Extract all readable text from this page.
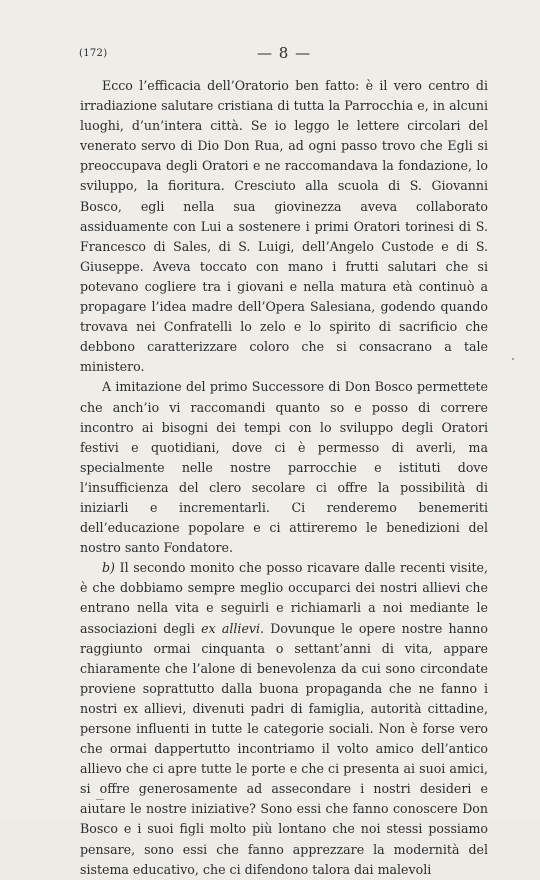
(172)	— 8 —

Ecco l’efficacia dell’Oratorio ben fatto: è il vero centro di irradiazione salutare cristiana di tutta la Parrocchia e, in alcuni luoghi, d’un’intera città. Se io leggo le lettere circolari del venerato servo di Dio Don Rua, ad ogni passo trovo che Egli si preoccupava degli Oratori e ne raccomandava la fondazione, lo sviluppo, la fioritura. Cresciuto alla scuola di S. Giovanni Bosco, egli nella sua giovinezza aveva collaborato assiduamente con Lui a sostenere i primi Oratori torinesi di S. Francesco di Sales, di S. Luigi, dell’Angelo Custode e di S. Giuseppe. Aveva toccato con mano i frutti salutari che si potevano cogliere tra i giovani e nella matura età continuò a propagare l’idea madre dell’Opera Salesiana, godendo quando trovava nei Confratelli lo zelo e lo spirito di sacrificio che debbono caratterizzare coloro che si consacrano a tale ministero.

A imitazione del primo Successore di Don Bosco permettete che anch’io vi raccomandi quanto so e posso di correre incontro ai bisogni dei tempi con lo sviluppo degli Oratori festivi e quotidiani, dove ci è permesso di averli, ma specialmente nelle nostre parrocchie e istituti dove l’insufficienza del clero secolare ci offre la possibilità di iniziarli e incrementarli. Ci renderemo benemeriti dell’educazione popolare e ci attireremo le benedizioni del nostro santo Fondatore.

b) Il secondo monito che posso ricavare dalle recenti visite, è che dobbiamo sempre meglio occuparci dei nostri allievi che entrano nella vita e seguirli e richiamarli a noi mediante le associazioni degli ex allievi. Dovunque le opere nostre hanno raggiunto ormai cinquanta o settant’anni di vita, appare chiaramente che l’alone di benevolenza da cui sono circondate proviene soprattutto dalla buona propaganda che ne fanno i nostri ex allievi, divenuti padri di famiglia, autorità cittadine, persone influenti in tutte le categorie sociali. Non è forse vero che ormai dappertutto incontriamo il volto amico dell’antico allievo che ci apre tutte le porte e che ci presenta ai suoi amici, si offre generosamente ad assecondare i nostri desideri e aiutare le nostre iniziative? Sono essi che fanno conoscere Don Bosco e i suoi figli molto più lontano che noi stessi possiamo pensare, sono essi che fanno apprezzare la modernità del sistema educativo, che ci difendono talora dai malevoli
